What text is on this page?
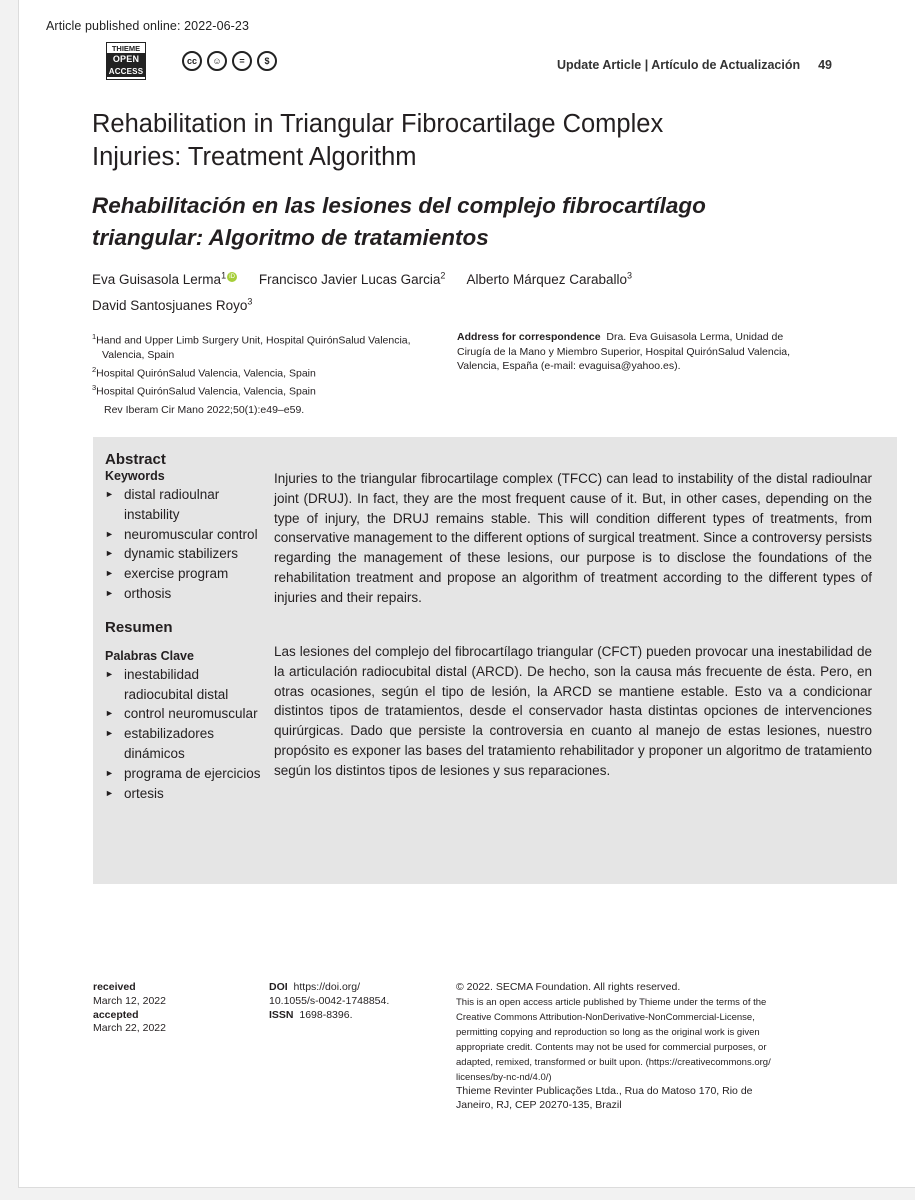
Article published online: 2022-06-23
THIEME
OPEN
ACCESS
cc	☺	=	$	Update Article | Artículo de Actualización 49
Rehabilitation in Triangular Fibrocartilage Complex Injuries: Treatment Algorithm
Rehabilitación en las lesiones del complejo fibrocartílago triangular: Algoritmo de tratamientos
Eva Guisasola Lerma$^1$ iD Francisco Javier Lucas Garcia$^2$ Alberto Márquez Caraballo$^3$
David Santosjuanes Royo$^3$
$^1$Hand and Upper Limb Surgery Unit, Hospital QuirónSalud Valencia, Valencia, Spain
$^2$Hospital QuirónSalud Valencia, Valencia, Spain
$^3$Hospital QuirónSalud Valencia, Valencia, Spain
Address for correspondence Dra. Eva Guisasola Lerma, Unidad de Cirugía de la Mano y Miembro Superior, Hospital QuirónSalud Valencia, Valencia, España (e-mail: evaguisa@yahoo.es).
Rev Iberam Cir Mano 2022;50(1):e49–e59.
Abstract
Keywords
► distal radioulnar instability
► neuromuscular control
► dynamic stabilizers
► exercise program
► orthosis
Resumen
Palabras Clave
► inestabilidad radiocubital distal
► control neuromuscular
► estabilizadores dinámicos
► programa de ejercicios
► ortesis

Injuries to the triangular fibrocartilage complex (TFCC) can lead to instability of the distal radioulnar joint (DRUJ). In fact, they are the most frequent cause of it. But, in other cases, depending on the type of injury, the DRUJ remains stable. This will condition different types of treatments, from conservative management to the different options of surgical treatment. Since a controversy persists regarding the management of these lesions, our purpose is to disclose the foundations of the rehabilitation treatment and propose an algorithm of treatment according to the different types of injuries and their repairs.

Las lesiones del complejo del fibrocartílago triangular (CFCT) pueden provocar una inestabilidad de la articulación radiocubital distal (ARCD). De hecho, son la causa más frecuente de ésta. Pero, en otras ocasiones, según el tipo de lesión, la ARCD se mantiene estable. Esto va a condicionar distintos tipos de tratamientos, desde el conservador hasta distintas opciones de intervenciones quirúrgicas. Dado que persiste la controversia en cuanto al manejo de estas lesiones, nuestro propósito es exponer las bases del tratamiento rehabilitador y proponer un algoritmo de tratamiento según los distintos tipos de lesiones y sus reparaciones.

received
March 12, 2022
accepted
March 22, 2022
DOI https://doi.org/
10.1055/s-0042-1748854.
ISSN 1698-8396.
© 2022. SECMA Foundation. All rights reserved.
This is an open access article published by Thieme under the terms of the
Creative Commons Attribution-NonDerivative-NonCommercial-License,
permitting copying and reproduction so long as the original work is given
appropriate credit. Contents may not be used for commercial purposes, or
adapted, remixed, transformed or built upon. (https://creativecommons.org/
licenses/by-nc-nd/4.0/)
Thieme Revinter Publicações Ltda., Rua do Matoso 170, Rio de
Janeiro, RJ, CEP 20270-135, Brazil
